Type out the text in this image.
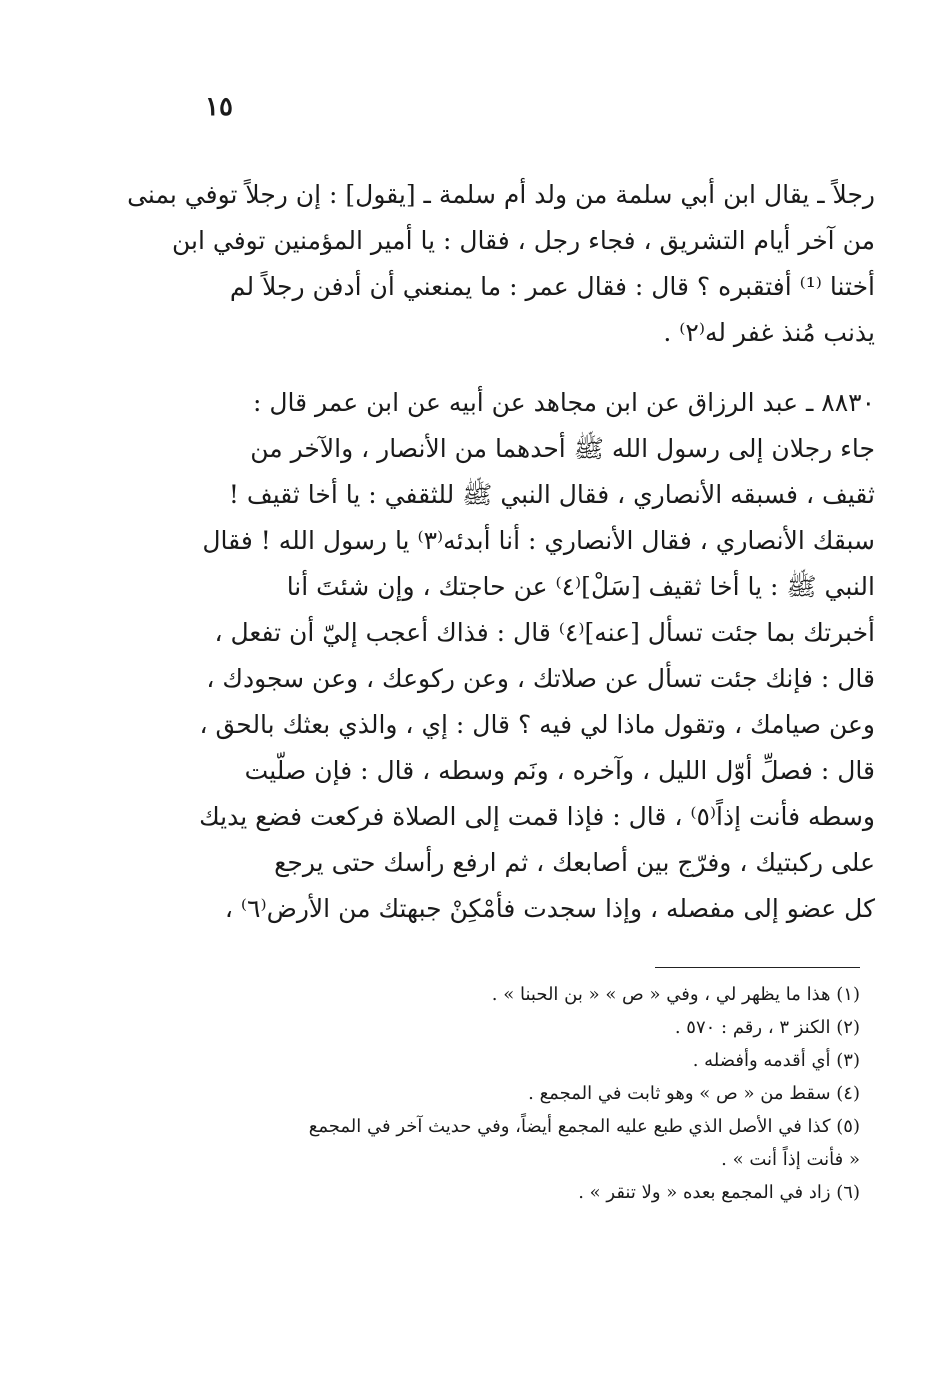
١٥
رجلاً ـ يقال ابن أبي سلمة من ولد أم سلمة ـ [يقول] : إن رجلاً توفي بمنى
من آخر أيام التشريق ، فجاء رجل ، فقال : يا أمير المؤمنين توفي ابن
أختنا ⁽¹⁾ أفتقبره ؟ قال : فقال عمر : ما يمنعني أن أدفن رجلاً لم
يذنب مُنذ غفر له⁽٢⁾ .
٨٨٣٠ ـ عبد الرزاق عن ابن مجاهد عن أبيه عن ابن عمر قال :
جاء رجلان إلى رسول الله ﷺ أحدهما من الأنصار ، والآخر من
ثقيف ، فسبقه الأنصاري ، فقال النبي ﷺ للثقفي : يا أخا ثقيف !
سبقك الأنصاري ، فقال الأنصاري : أنا أبدئه⁽٣⁾ يا رسول الله ! فقال
النبي ﷺ : يا أخا ثقيف [سَلْ]⁽٤⁾ عن حاجتك ، وإن شئتَ أنا
أخبرتك بما جئت تسأل [عنه]⁽٤⁾ قال : فذاك أعجب إليّ أن تفعل ،
قال : فإنك جئت تسأل عن صلاتك ، وعن ركوعك ، وعن سجودك ،
وعن صيامك ، وتقول ماذا لي فيه ؟ قال : إي ، والذي بعثك بالحق ،
قال : فصلِّ أوّل الليل ، وآخره ، ونَم وسطه ، قال : فإن صلّيت
وسطه فأنت إذاً⁽٥⁾ ، قال : فإذا قمت إلى الصلاة فركعت فضع يديك
على ركبتيك ، وفرّج بين أصابعك ، ثم ارفع رأسك حتى يرجع
كل عضو إلى مفصله ، وإذا سجدت فأمْكِنْ جبهتك من الأرض⁽٦⁾ ،
(١) هذا ما يظهر لي ، وفي « ص » « بن الحبنا » .
(٢) الكنز ٣ ، رقم : ٥٧٠ .
(٣) أي أقدمه وأفضله .
(٤) سقط من « ص » وهو ثابت في المجمع .
(٥) كذا في الأصل الذي طبع عليه المجمع أيضاً، وفي حديث آخر في المجمع
« فأنت إذاً أنت » .
(٦) زاد في المجمع بعده « ولا تنقر » .
